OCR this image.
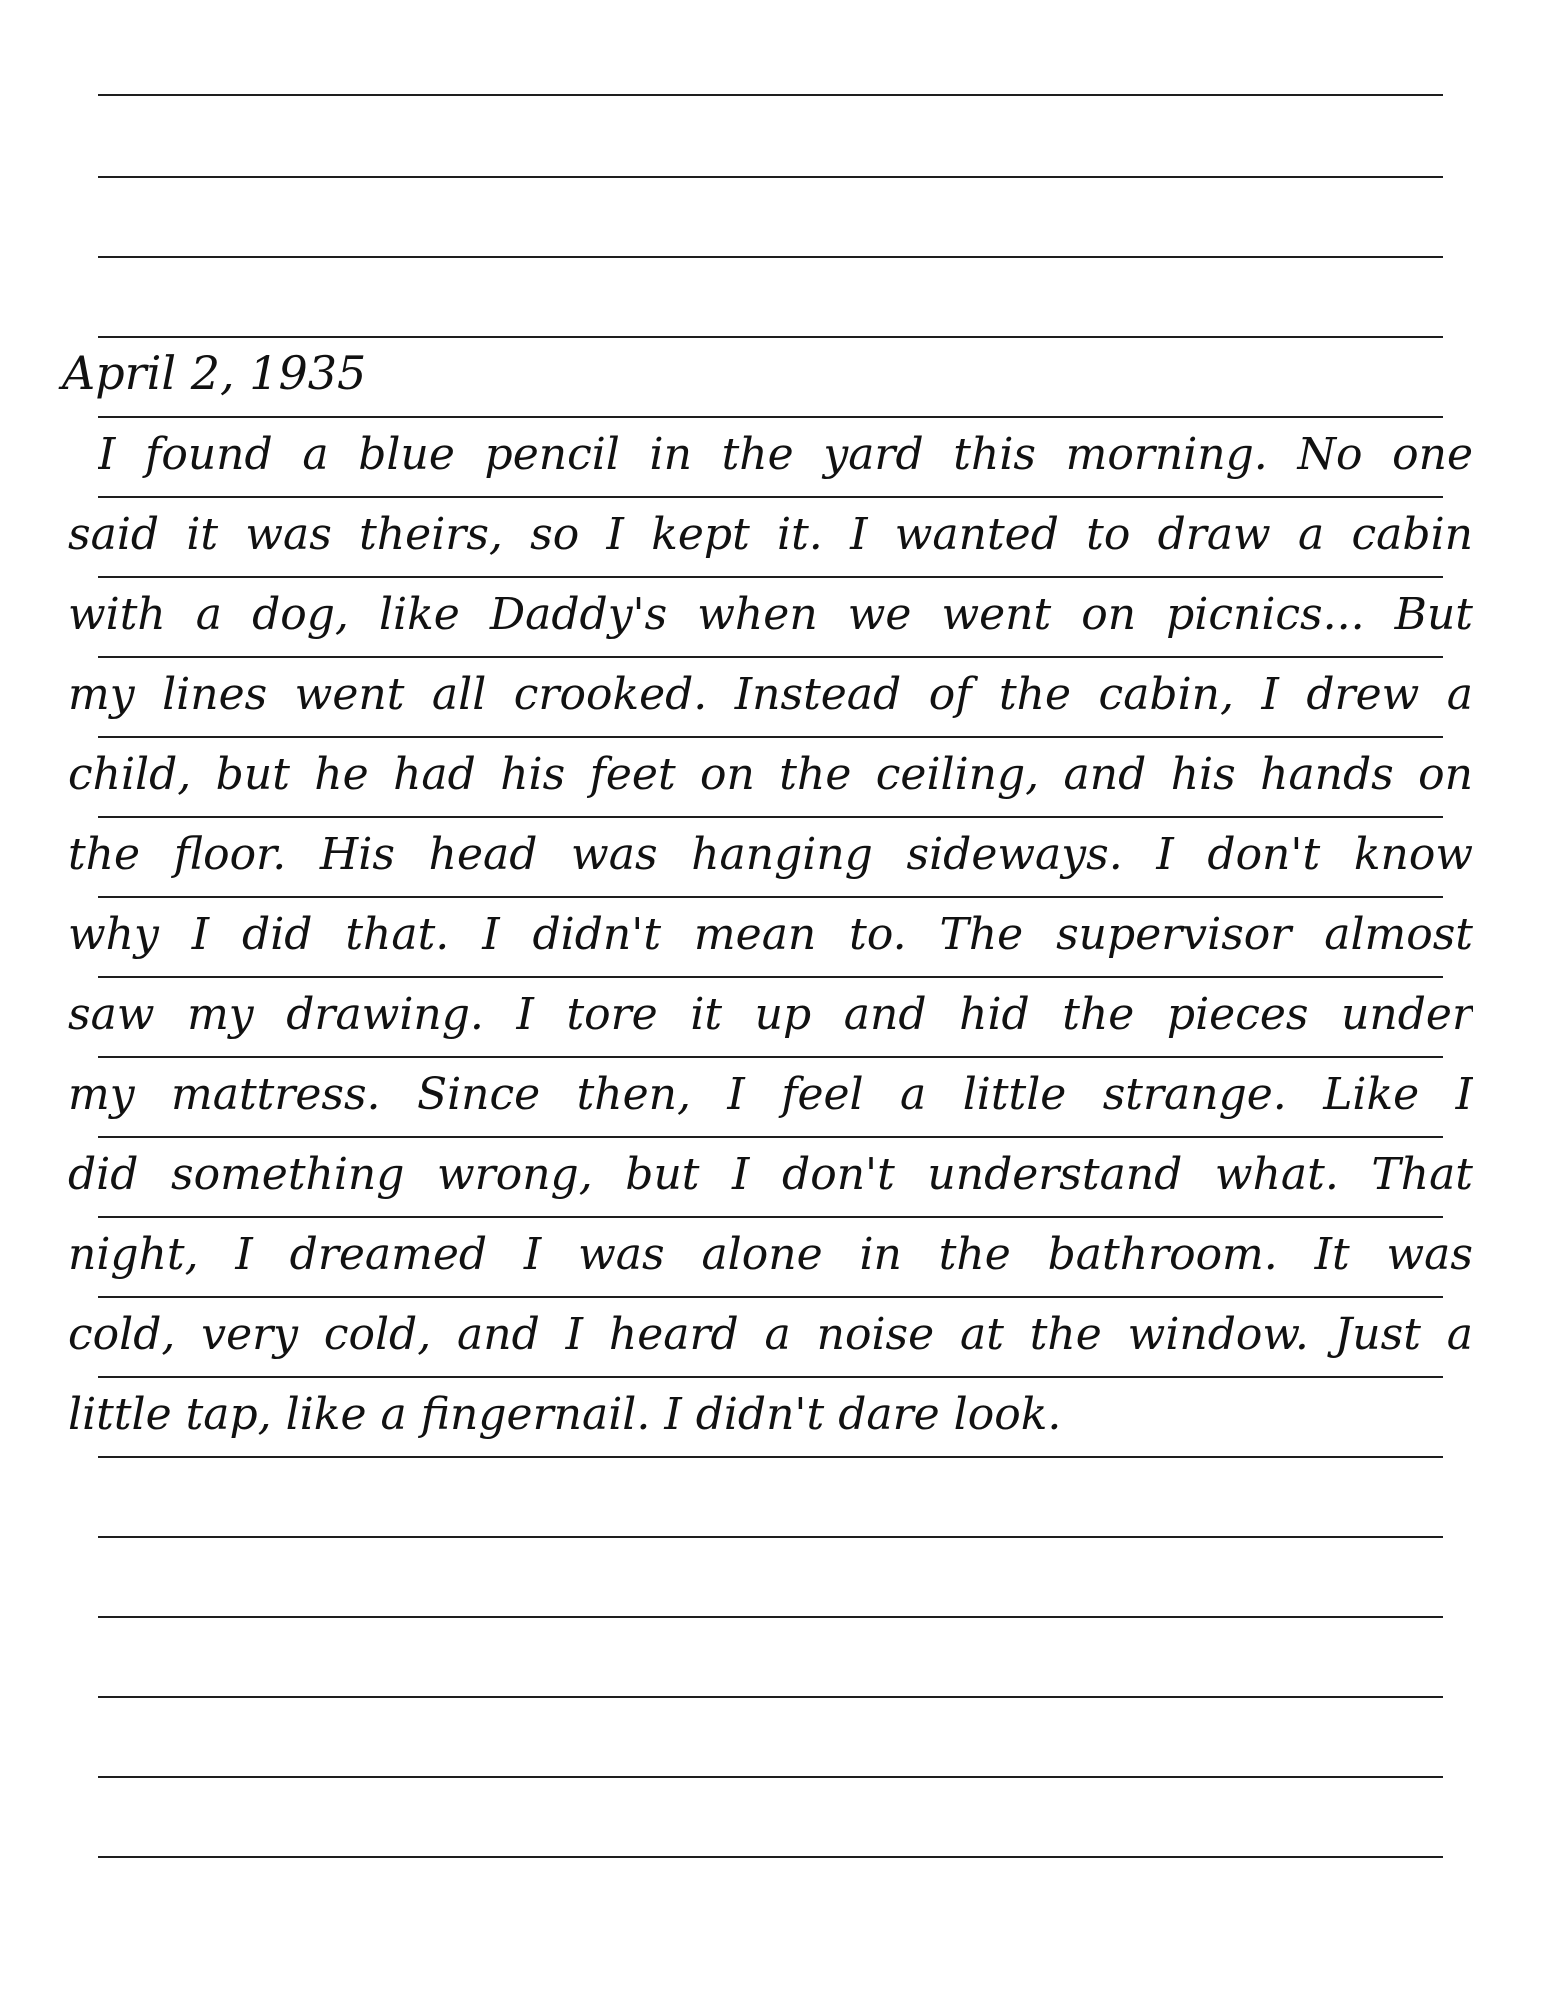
April 2, 1935
I found a blue pencil in the yard this morning. No one
said it was theirs, so I kept it. I wanted to draw a cabin
with a dog, like Daddy's when we went on picnics... But
my lines went all crooked. Instead of the cabin, I drew a
child, but he had his feet on the ceiling, and his hands on
the floor. His head was hanging sideways. I don't know
why I did that. I didn't mean to. The supervisor almost
saw my drawing. I tore it up and hid the pieces under
my mattress. Since then, I feel a little strange. Like I
did something wrong, but I don't understand what. That
night, I dreamed I was alone in the bathroom. It was
cold, very cold, and I heard a noise at the window. Just a
little tap, like a fingernail. I didn't dare look.
